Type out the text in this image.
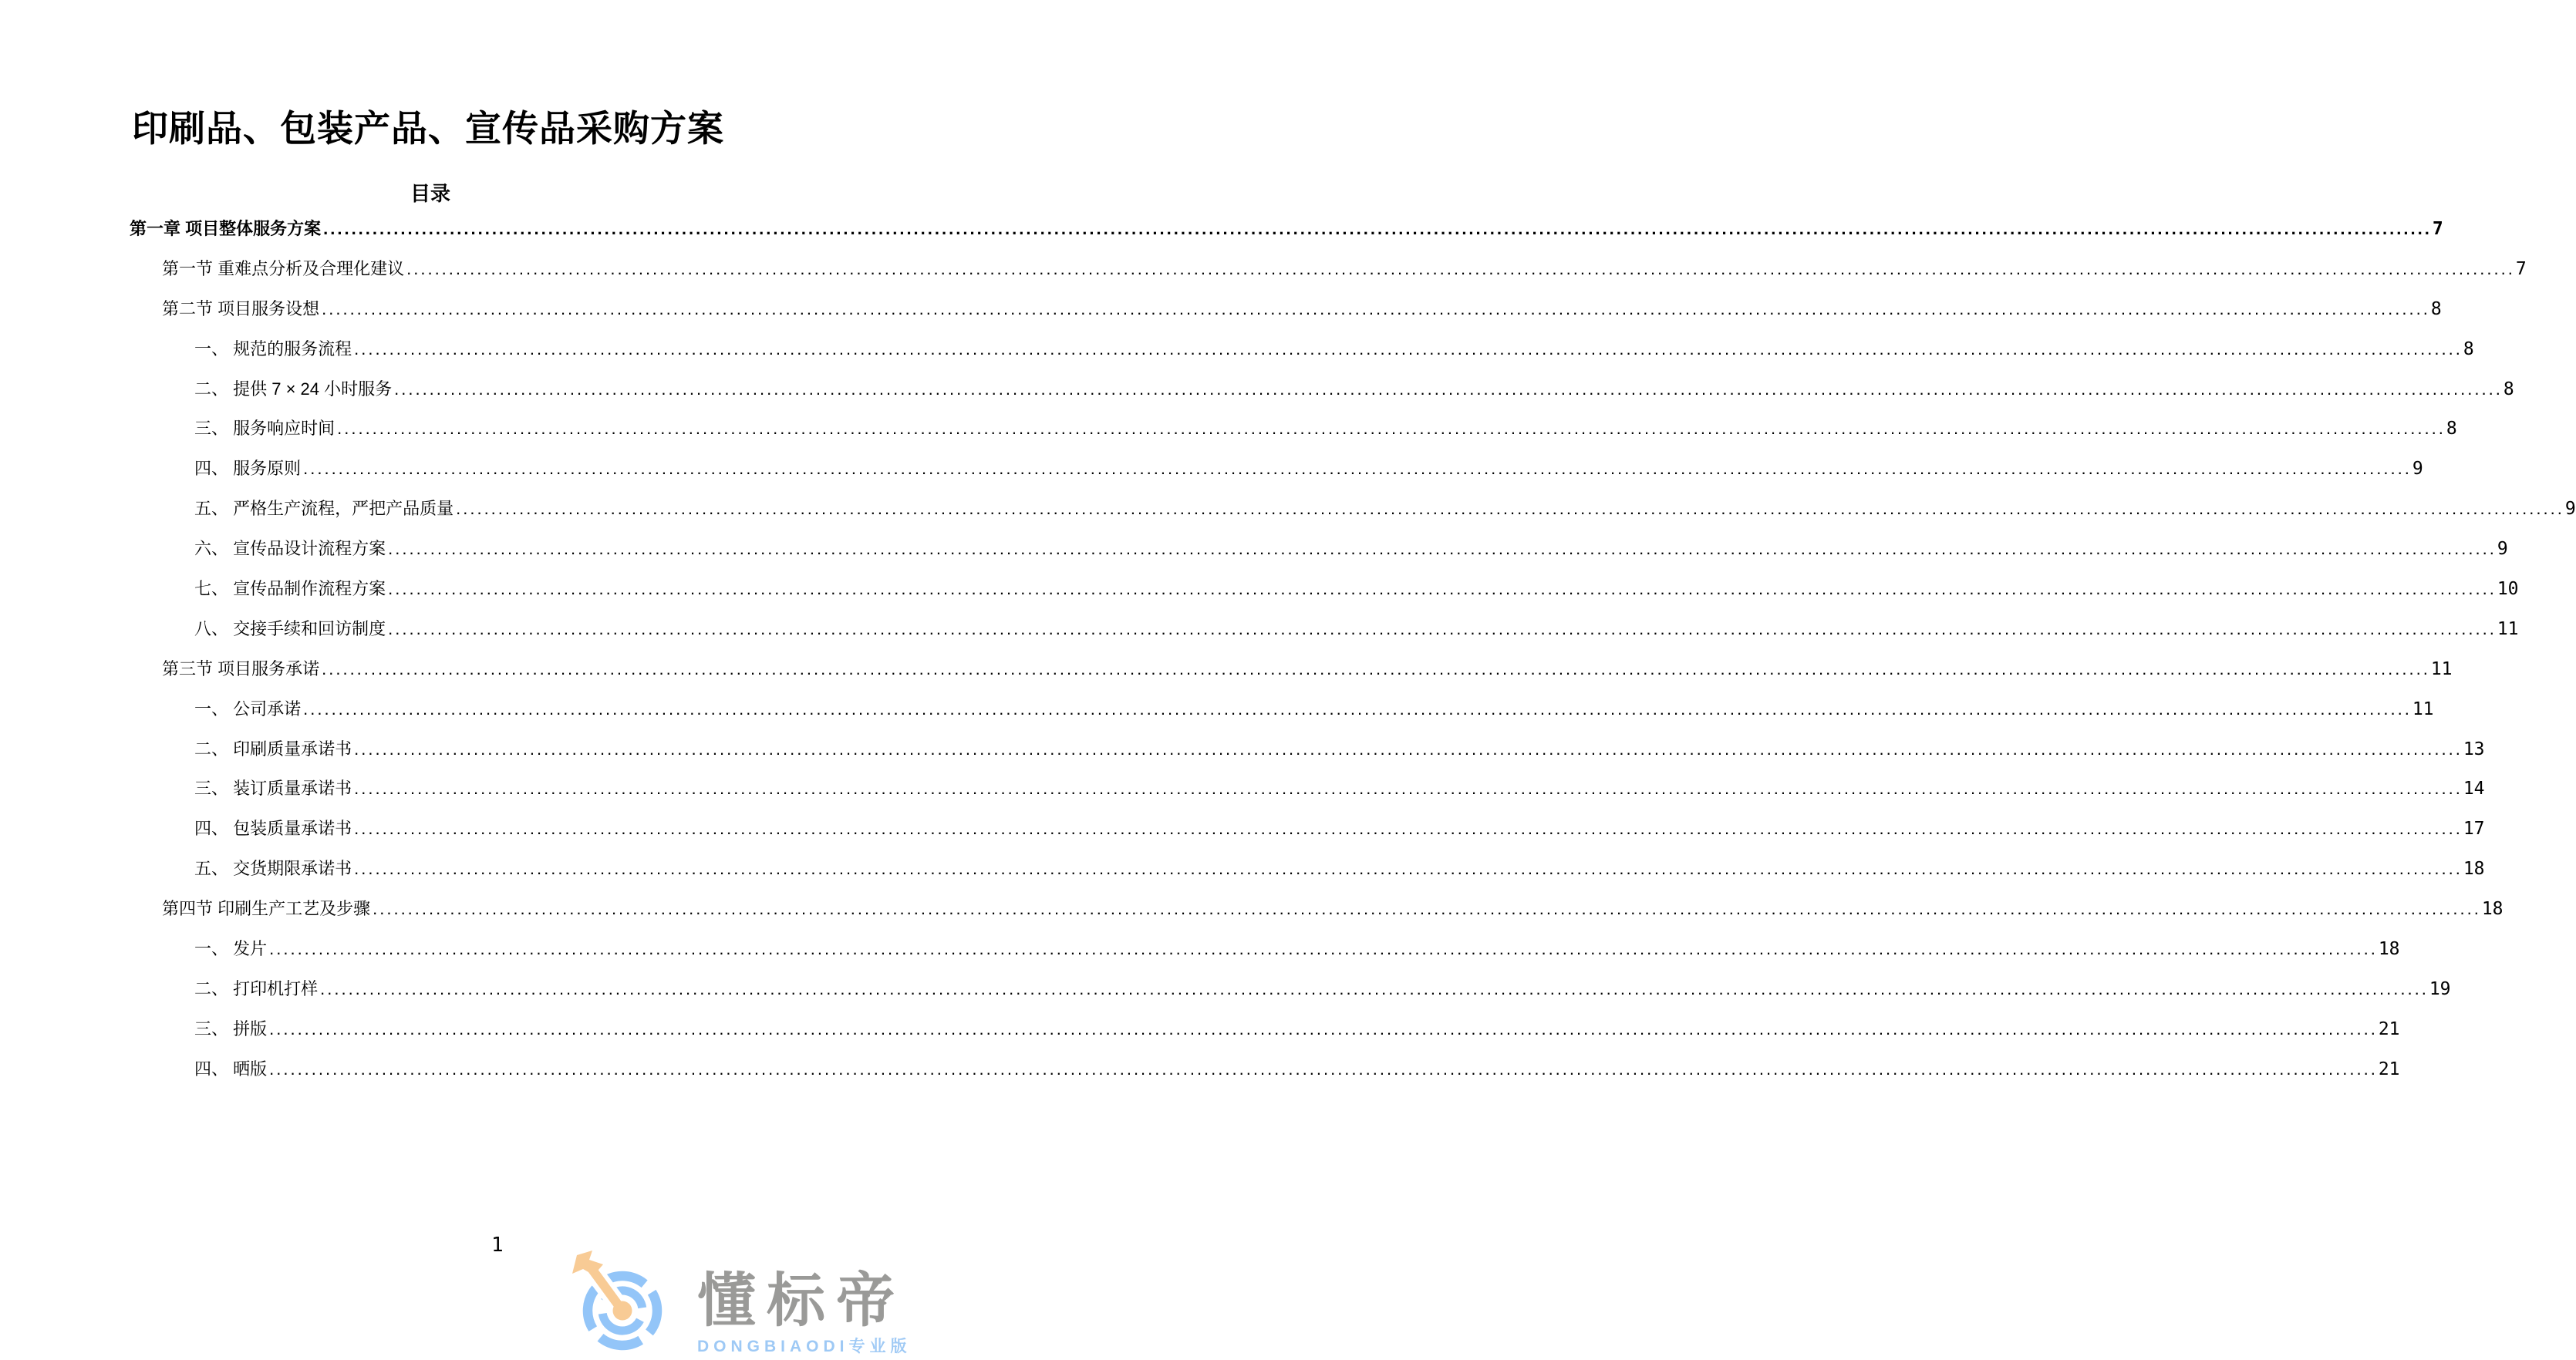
印刷品、包装产品、宣传品采购方案
目录
第一章 项目整体服务方案 ............................................................................................................................................................................................................................................................................................................ 7
第一节 重难点分析及合理化建议 ............................................................................................................................................................................................................................................................................................................ 7
第二节 项目服务设想 ............................................................................................................................................................................................................................................................................................................ 8
一、 规范的服务流程 ............................................................................................................................................................................................................................................................................................................ 8
二、 提供 7 × 24 小时服务 ............................................................................................................................................................................................................................................................................................................ 8
三、 服务响应时间 ............................................................................................................................................................................................................................................................................................................ 8
四、 服务原则 ............................................................................................................................................................................................................................................................................................................ 9
五、 严格生产流程，严把产品质量 ............................................................................................................................................................................................................................................................................................................ 9
六、 宣传品设计流程方案 ............................................................................................................................................................................................................................................................................................................ 9
七、 宣传品制作流程方案 ............................................................................................................................................................................................................................................................................................................ 10
八、 交接手续和回访制度 ............................................................................................................................................................................................................................................................................................................ 11
第三节 项目服务承诺 ............................................................................................................................................................................................................................................................................................................ 11
一、 公司承诺 ............................................................................................................................................................................................................................................................................................................ 11
二、 印刷质量承诺书 ............................................................................................................................................................................................................................................................................................................ 13
三、 装订质量承诺书 ............................................................................................................................................................................................................................................................................................................ 14
四、 包装质量承诺书 ............................................................................................................................................................................................................................................................................................................ 17
五、 交货期限承诺书 ............................................................................................................................................................................................................................................................................................................ 18
第四节 印刷生产工艺及步骤 ............................................................................................................................................................................................................................................................................................................ 18
一、 发片 ............................................................................................................................................................................................................................................................................................................ 18
二、 打印机打样 ............................................................................................................................................................................................................................................................................................................ 19
三、 拼版 ............................................................................................................................................................................................................................................................................................................ 21
四、 晒版 ............................................................................................................................................................................................................................................................................................................ 21
1
懂标帝
DONGBIAODI专业版
